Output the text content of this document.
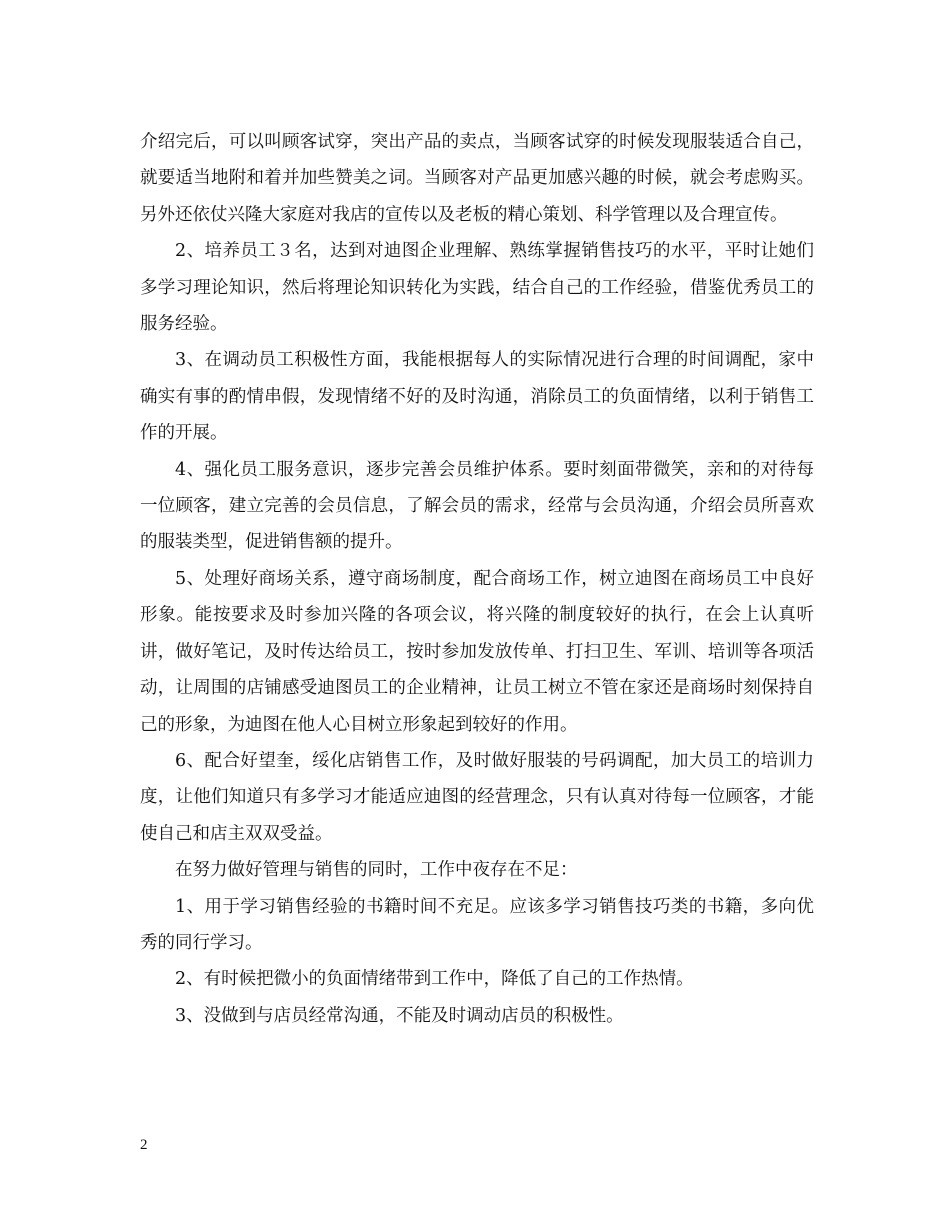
介绍完后，可以叫顾客试穿，突出产品的卖点，当顾客试穿的时候发现服装适合自己，就要适当地附和着并加些赞美之词。当顾客对产品更加感兴趣的时候，就会考虑购买。另外还依仗兴隆大家庭对我店的宣传以及老板的精心策划、科学管理以及合理宣传。

2、培养员工３名，达到对迪图企业理解、熟练掌握销售技巧的水平，平时让她们多学习理论知识，然后将理论知识转化为实践，结合自己的工作经验，借鉴优秀员工的服务经验。

3、在调动员工积极性方面，我能根据每人的实际情况进行合理的时间调配，家中确实有事的酌情串假，发现情绪不好的及时沟通，消除员工的负面情绪，以利于销售工作的开展。

4、强化员工服务意识，逐步完善会员维护体系。要时刻面带微笑，亲和的对待每一位顾客，建立完善的会员信息，了解会员的需求，经常与会员沟通，介绍会员所喜欢的服装类型，促进销售额的提升。

5、处理好商场关系，遵守商场制度，配合商场工作，树立迪图在商场员工中良好形象。能按要求及时参加兴隆的各项会议，将兴隆的制度较好的执行，在会上认真听讲，做好笔记，及时传达给员工，按时参加发放传单、打扫卫生、军训、培训等各项活动，让周围的店铺感受迪图员工的企业精神，让员工树立不管在家还是商场时刻保持自己的形象，为迪图在他人心目树立形象起到较好的作用。

6、配合好望奎，绥化店销售工作，及时做好服装的号码调配，加大员工的培训力度，让他们知道只有多学习才能适应迪图的经营理念，只有认真对待每一位顾客，才能使自己和店主双双受益。

在努力做好管理与销售的同时，工作中夜存在不足：

1、用于学习销售经验的书籍时间不充足。应该多学习销售技巧类的书籍，多向优秀的同行学习。

2、有时候把微小的负面情绪带到工作中，降低了自己的工作热情。

3、没做到与店员经常沟通，不能及时调动店员的积极性。

2
